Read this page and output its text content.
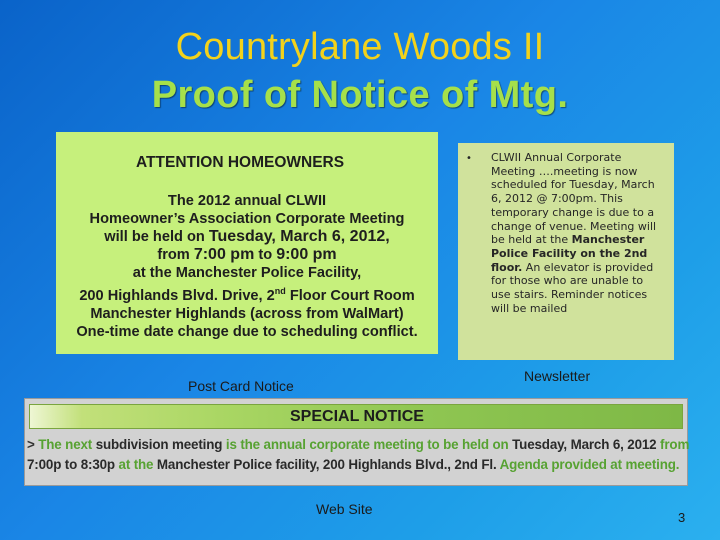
Countrylane Woods II
Proof of Notice of Mtg.
ATTENTION HOMEOWNERS
The 2012 annual CLWII
Homeowner’s Association Corporate Meeting
will be held on Tuesday, March 6, 2012,
from 7:00 pm to 9:00 pm
at the Manchester Police Facility,
200 Highlands Blvd. Drive, 2nd Floor Court Room
Manchester Highlands (across from WalMart)
One-time date change due to scheduling conflict.
• CLWII Annual Corporate
Meeting ….meeting is now
scheduled for Tuesday, March
6, 2012 @ 7:00pm. This
temporary change is due to a
change of venue. Meeting will
be held at the Manchester
Police Facility on the 2nd
floor. An elevator is provided
for those who are unable to
use stairs. Reminder notices
will be mailed
Post Card Notice
Newsletter
SPECIAL NOTICE
> The next subdivision meeting is the annual corporate meeting to be held on Tuesday, March 6, 2012 from
7:00p to 8:30p at the Manchester Police facility, 200 Highlands Blvd., 2nd Fl. Agenda provided at meeting.
Web Site
3
